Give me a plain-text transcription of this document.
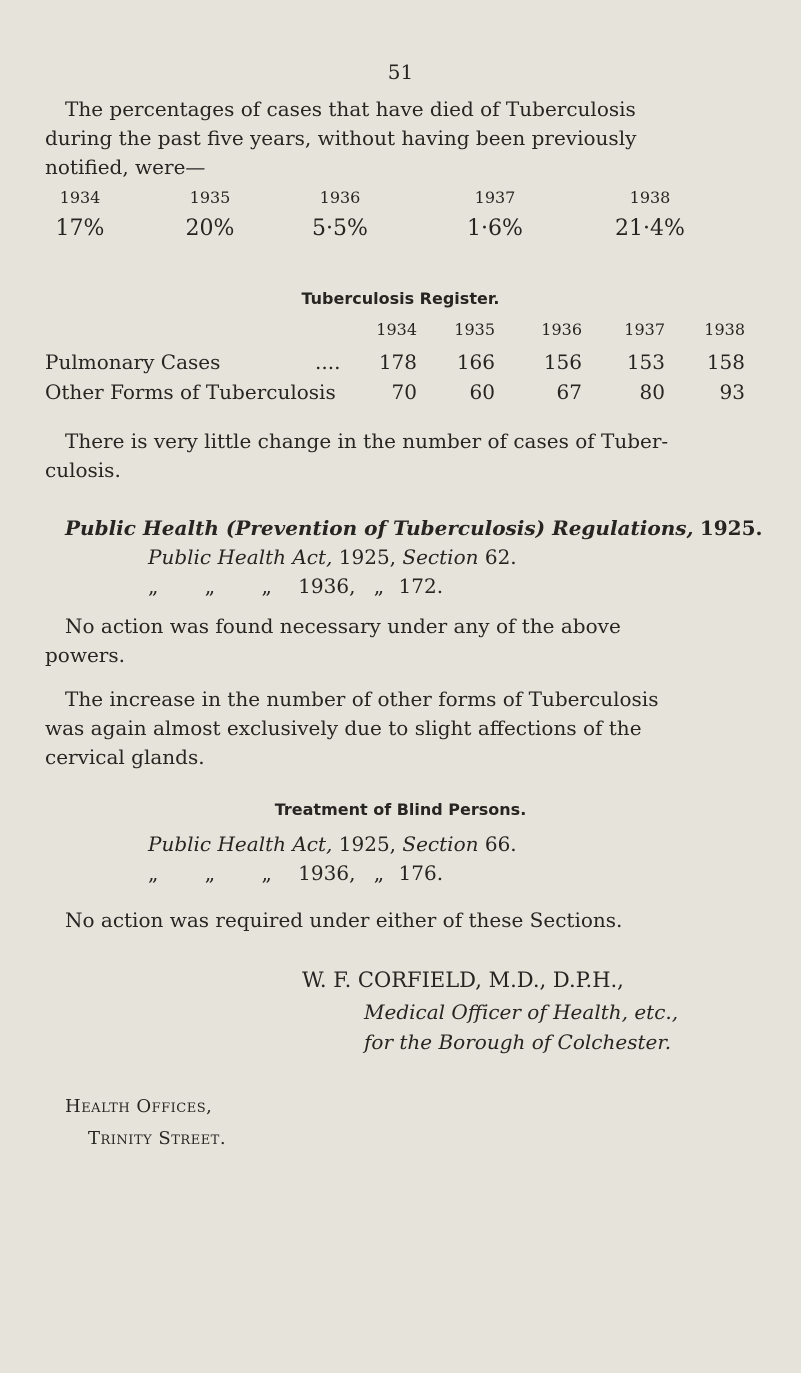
51

The percentages of cases that have died of Tuberculosis

during the past five years, without having been previously

notified, were—

1934	1935	1936	1937	1938
17%	20%	5·5%	1·6%	21·4%
Tuberculosis Register.
1934	1935	1936	1937	1938
Pulmonary Cases	....	178	166	156	153	158
Other Forms of Tuberculosis	70	60	67	80	93

There is very little change in the number of cases of Tuber-

culosis.

Public Health (Prevention of Tuberculosis) Regulations, 1925.
Public Health Act, 1925, Section 62.
„ „ „ 1936, „ 172.

No action was found necessary under any of the above

powers.

The increase in the number of other forms of Tuberculosis

was again almost exclusively due to slight affections of the

cervical glands.

Treatment of Blind Persons.
Public Health Act, 1925, Section 66.
„ „ „ 1936, „ 176.

No action was required under either of these Sections.

W. F. CORFIELD, M.D., D.P.H.,
Medical Officer of Health, etc.,
for the Borough of Colchester.
Health Offices,
Trinity Street.
